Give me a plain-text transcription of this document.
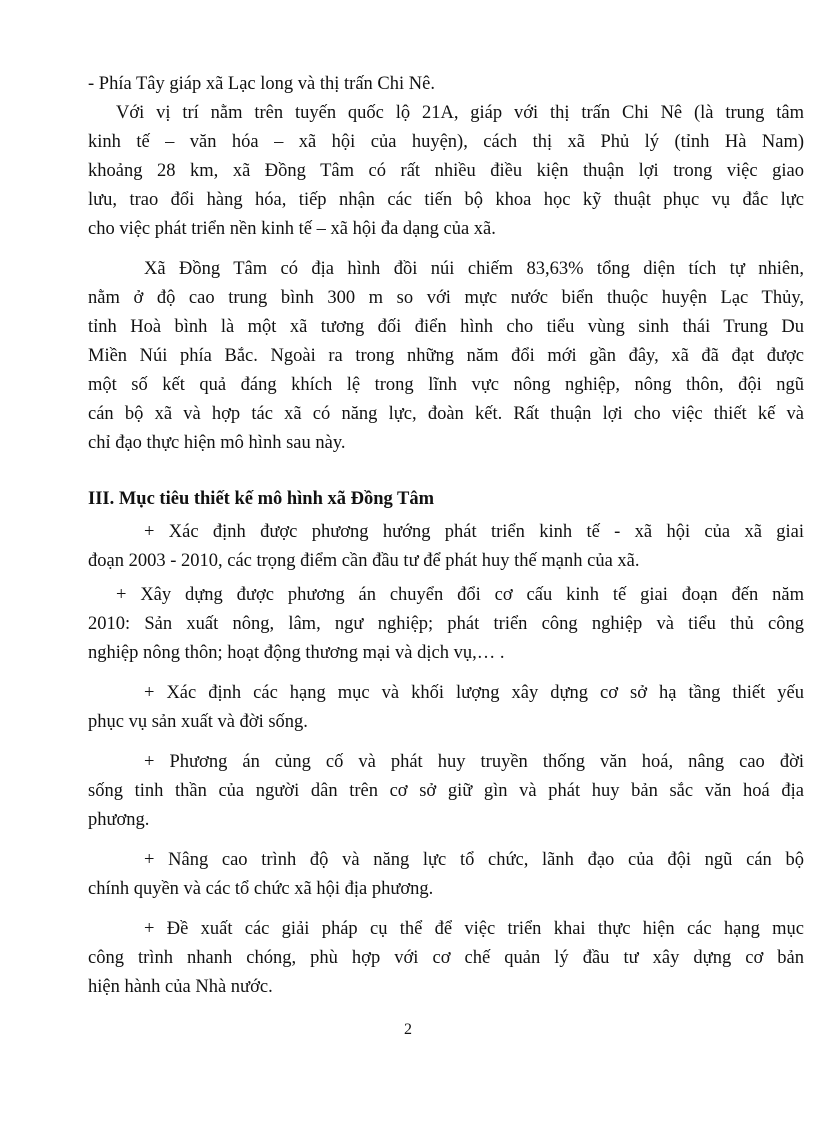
- Phía Tây giáp xã Lạc long và thị trấn Chi Nê.

Với vị trí nằm trên tuyến quốc lộ 21A, giáp với thị trấn Chi Nê (là trung tâm

kinh tế – văn hóa – xã hội của huyện), cách thị xã Phủ lý (tỉnh Hà Nam)

khoảng 28 km, xã Đồng Tâm có rất nhiều điều kiện thuận lợi trong việc giao

lưu, trao đổi hàng hóa, tiếp nhận các tiến bộ khoa học kỹ thuật phục vụ đắc lực

cho việc phát triển nền kinh tế – xã hội đa dạng của xã.

Xã Đồng Tâm có địa hình đồi núi chiếm 83,63% tổng diện tích tự nhiên,

nằm ở độ cao trung bình 300 m so với mực nước biển thuộc huyện Lạc Thủy,

tỉnh Hoà bình là một xã tương đối điển hình cho tiểu vùng sinh thái Trung Du

Miền Núi phía Bắc. Ngoài ra trong những năm đổi mới gần đây, xã đã đạt được

một số kết quả đáng khích lệ trong lĩnh vực nông nghiệp, nông thôn, đội ngũ

cán bộ xã và hợp tác xã có năng lực, đoàn kết. Rất thuận lợi cho việc thiết kế và

chỉ đạo thực hiện mô hình sau này.

III. Mục tiêu thiết kế mô hình xã Đồng Tâm

+ Xác định được phương hướng phát triển kinh tế - xã hội của xã giai

đoạn 2003 - 2010, các trọng điểm cần đầu tư để phát huy thế mạnh của xã.

+ Xây dựng được phương án chuyển đổi cơ cấu kinh tế giai đoạn đến năm

2010: Sản xuất nông, lâm, ngư nghiệp; phát triển công nghiệp và tiểu thủ công

nghiệp nông thôn; hoạt động thương mại và dịch vụ,… .

+ Xác định các hạng mục và khối lượng xây dựng cơ sở hạ tầng thiết yếu

phục vụ sản xuất và đời sống.

+ Phương án củng cố và phát huy truyền thống văn hoá, nâng cao đời

sống tinh thần của người dân trên cơ sở giữ gìn và phát huy bản sắc văn hoá địa

phương.

+ Nâng cao trình độ và năng lực tổ chức, lãnh đạo của đội ngũ cán bộ

chính quyền và các tổ chức xã hội địa phương.

+ Đề xuất các giải pháp cụ thể để việc triển khai thực hiện các hạng mục

công trình nhanh chóng, phù hợp với cơ chế quản lý đầu tư xây dựng cơ bản

hiện hành của Nhà nước.

2
